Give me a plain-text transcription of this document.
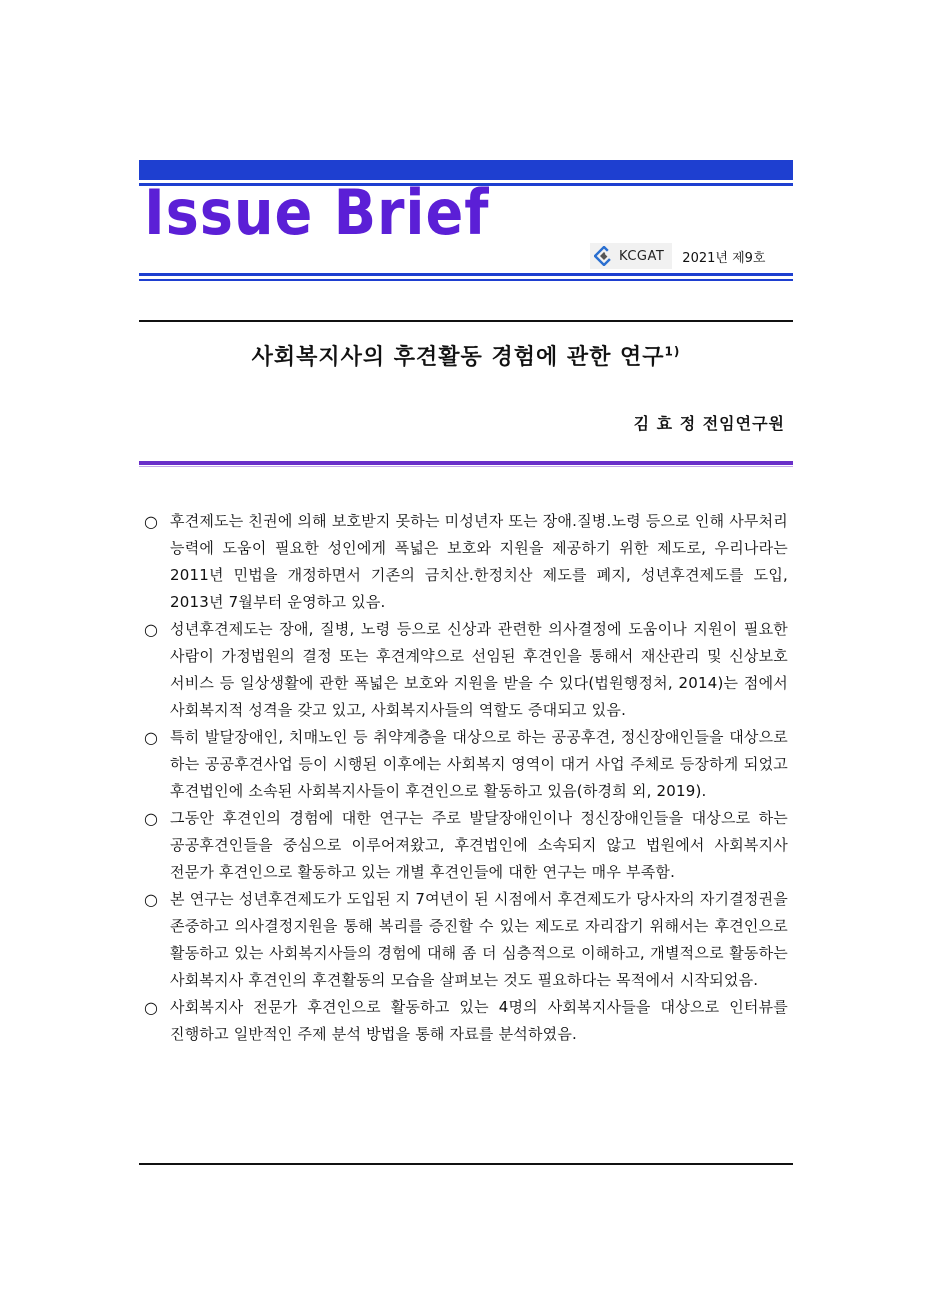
Issue Brief
KCGAT 2021년 제9호
사회복지사의 후견활동 경험에 관한 연구$^{1)}$
김 효 정 전임연구원
○ 후견제도는 친권에 의해 보호받지 못하는 미성년자 또는 장애.질병.노령 등으로 인해 사무처리 능력에 도움이 필요한 성인에게 폭넓은 보호와 지원을 제공하기 위한 제도로, 우리나라는 2011년 민법을 개정하면서 기존의 금치산.한정치산 제도를 폐지, 성년후견제도를 도입, 2013년 7월부터 운영하고 있음.
○ 성년후견제도는 장애, 질병, 노령 등으로 신상과 관련한 의사결정에 도움이나 지원이 필요한 사람이 가정법원의 결정 또는 후견계약으로 선임된 후견인을 통해서 재산관리 및 신상보호 서비스 등 일상생활에 관한 폭넓은 보호와 지원을 받을 수 있다(법원행정처, 2014)는 점에서 사회복지적 성격을 갖고 있고, 사회복지사들의 역할도 증대되고 있음.
○ 특히 발달장애인, 치매노인 등 취약계층을 대상으로 하는 공공후견, 정신장애인들을 대상으로 하는 공공후견사업 등이 시행된 이후에는 사회복지 영역이 대거 사업 주체로 등장하게 되었고 후견법인에 소속된 사회복지사들이 후견인으로 활동하고 있음(하경희 외, 2019).
○ 그동안 후견인의 경험에 대한 연구는 주로 발달장애인이나 정신장애인들을 대상으로 하는 공공후견인들을 중심으로 이루어져왔고, 후견법인에 소속되지 않고 법원에서 사회복지사 전문가 후견인으로 활동하고 있는 개별 후견인들에 대한 연구는 매우 부족함.
○ 본 연구는 성년후견제도가 도입된 지 7여년이 된 시점에서 후견제도가 당사자의 자기결정권을 존중하고 의사결정지원을 통해 복리를 증진할 수 있는 제도로 자리잡기 위해서는 후견인으로 활동하고 있는 사회복지사들의 경험에 대해 좀 더 심층적으로 이해하고, 개별적으로 활동하는 사회복지사 후견인의 후견활동의 모습을 살펴보는 것도 필요하다는 목적에서 시작되었음.
○ 사회복지사 전문가 후견인으로 활동하고 있는 4명의 사회복지사들을 대상으로 인터뷰를 진행하고 일반적인 주제 분석 방법을 통해 자료를 분석하였음.
